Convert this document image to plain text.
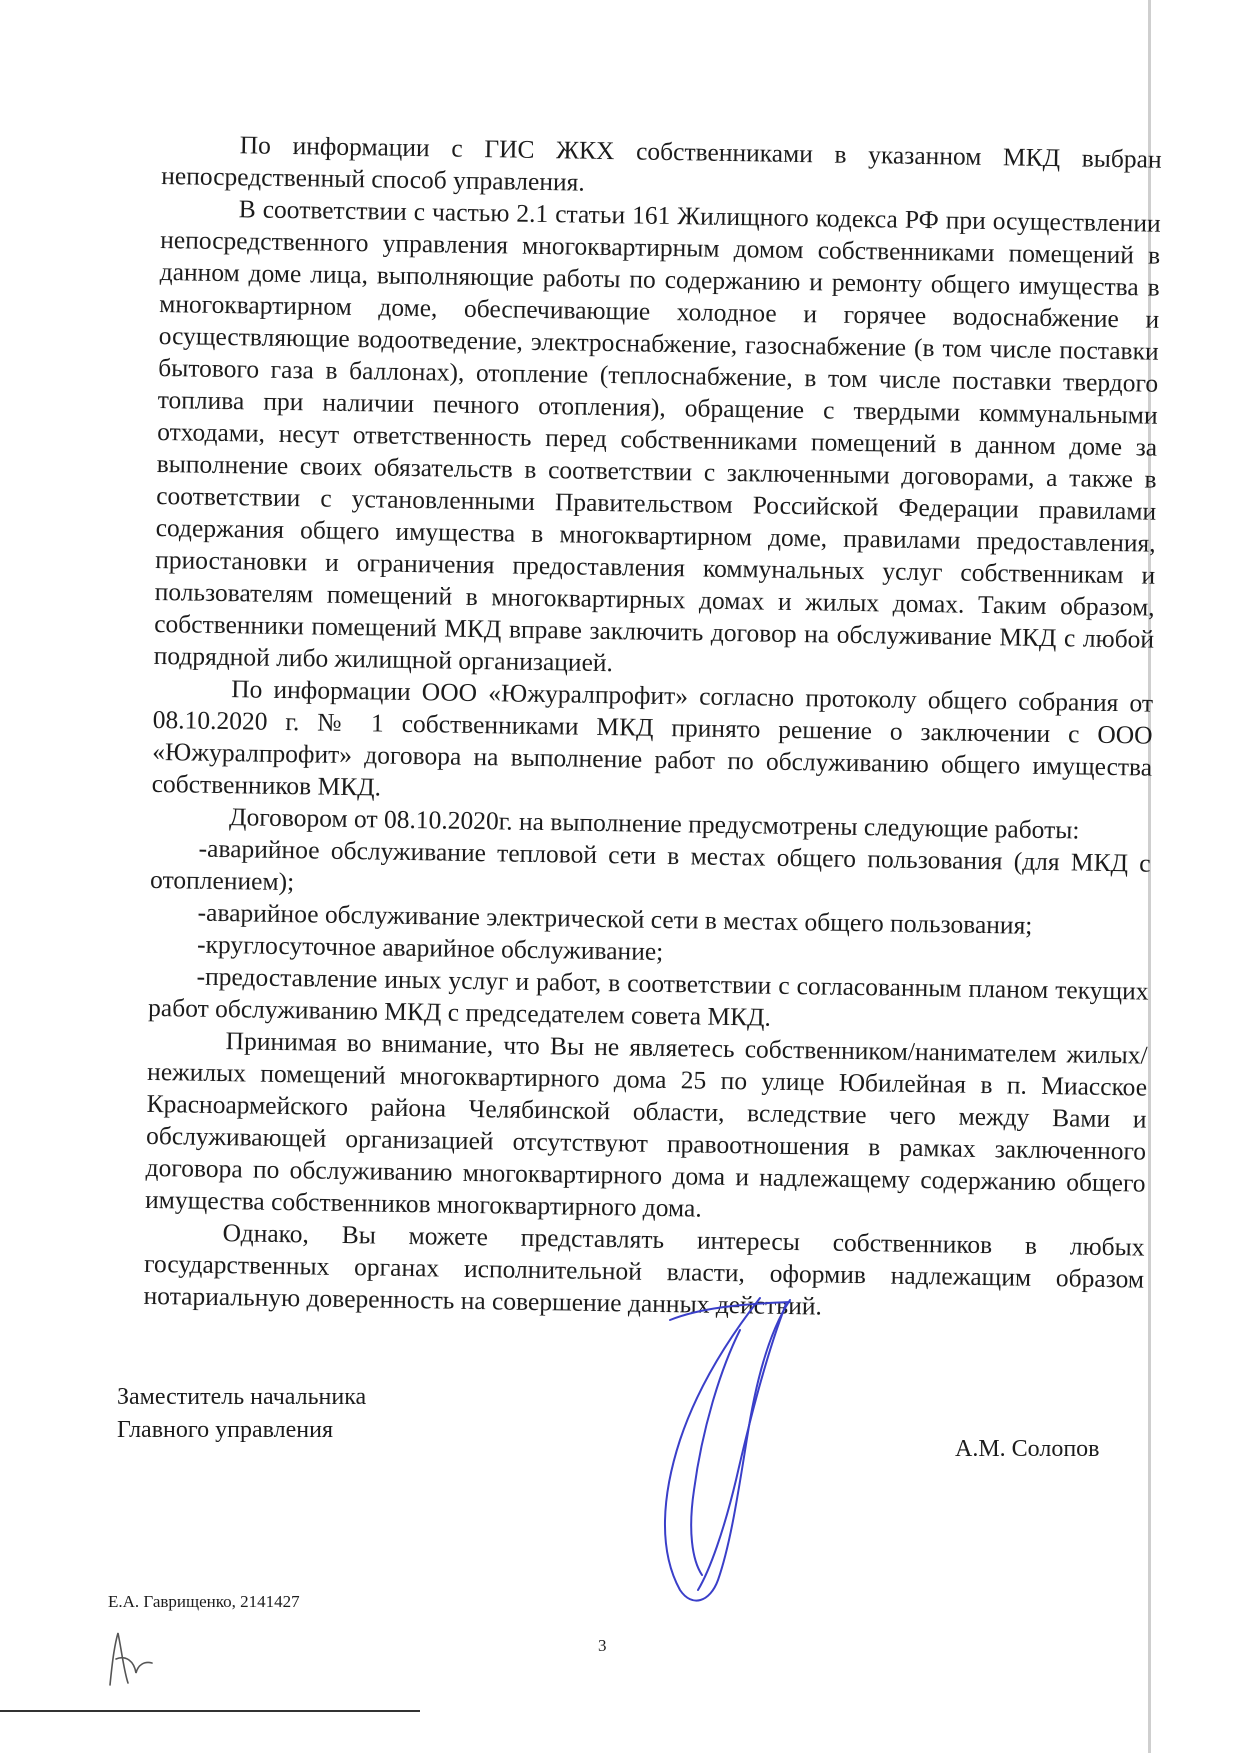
По информации с ГИС ЖКХ собственниками в указанном МКД выбран непосредственный способ управления.

В соответствии с частью 2.1 статьи 161 Жилищного кодекса РФ при осуществлении непосредственного управления многоквартирным домом собственниками помещений в данном доме лица, выполняющие работы по содержанию и ремонту общего имущества в многоквартирном доме, обеспечивающие холодное и горячее водоснабжение и осуществляющие водоотведение, электроснабжение, газоснабжение (в том числе поставки бытового газа в баллонах), отопление (теплоснабжение, в том числе поставки твердого топлива при наличии печного отопления), обращение с твердыми коммунальными отходами, несут ответственность перед собственниками помещений в данном доме за выполнение своих обязательств в соответствии с заключенными договорами, а также в соответствии с установленными Правительством Российской Федерации правилами содержания общего имущества в многоквартирном доме, правилами предоставления, приостановки и ограничения предоставления коммунальных услуг собственникам и пользователям помещений в многоквартирных домах и жилых домах. Таким образом, собственники помещений МКД вправе заключить договор на обслуживание МКД с любой подрядной либо жилищной организацией.

По информации ООО «Южуралпрофит» согласно протоколу общего собрания от 08.10.2020 г. № 1 собственниками МКД принято решение о заключении с ООО «Южуралпрофит» договора на выполнение работ по обслуживанию общего имущества собственников МКД.

Договором от 08.10.2020г. на выполнение предусмотрены следующие работы:

-аварийное обслуживание тепловой сети в местах общего пользования (для МКД с отоплением);

-аварийное обслуживание электрической сети в местах общего пользования;

-круглосуточное аварийное обслуживание;

-предоставление иных услуг и работ, в соответствии с согласованным планом текущих работ обслуживанию МКД с председателем совета МКД.

Принимая во внимание, что Вы не являетесь собственником/нанимателем жилых/нежилых помещений многоквартирного дома 25 по улице Юбилейная в п. Миасское Красноармейского района Челябинской области, вследствие чего между Вами и обслуживающей организацией отсутствуют правоотношения в рамках заключенного договора по обслуживанию многоквартирного дома и надлежащему содержанию общего имущества собственников многоквартирного дома.

Однако, Вы можете представлять интересы собственников в любых государственных органах исполнительной власти, оформив надлежащим образом нотариальную доверенность на совершение данных действий.

Заместитель начальника
Главного управления
А.М. Солопов
Е.А. Гаврищенко, 2141427
3
